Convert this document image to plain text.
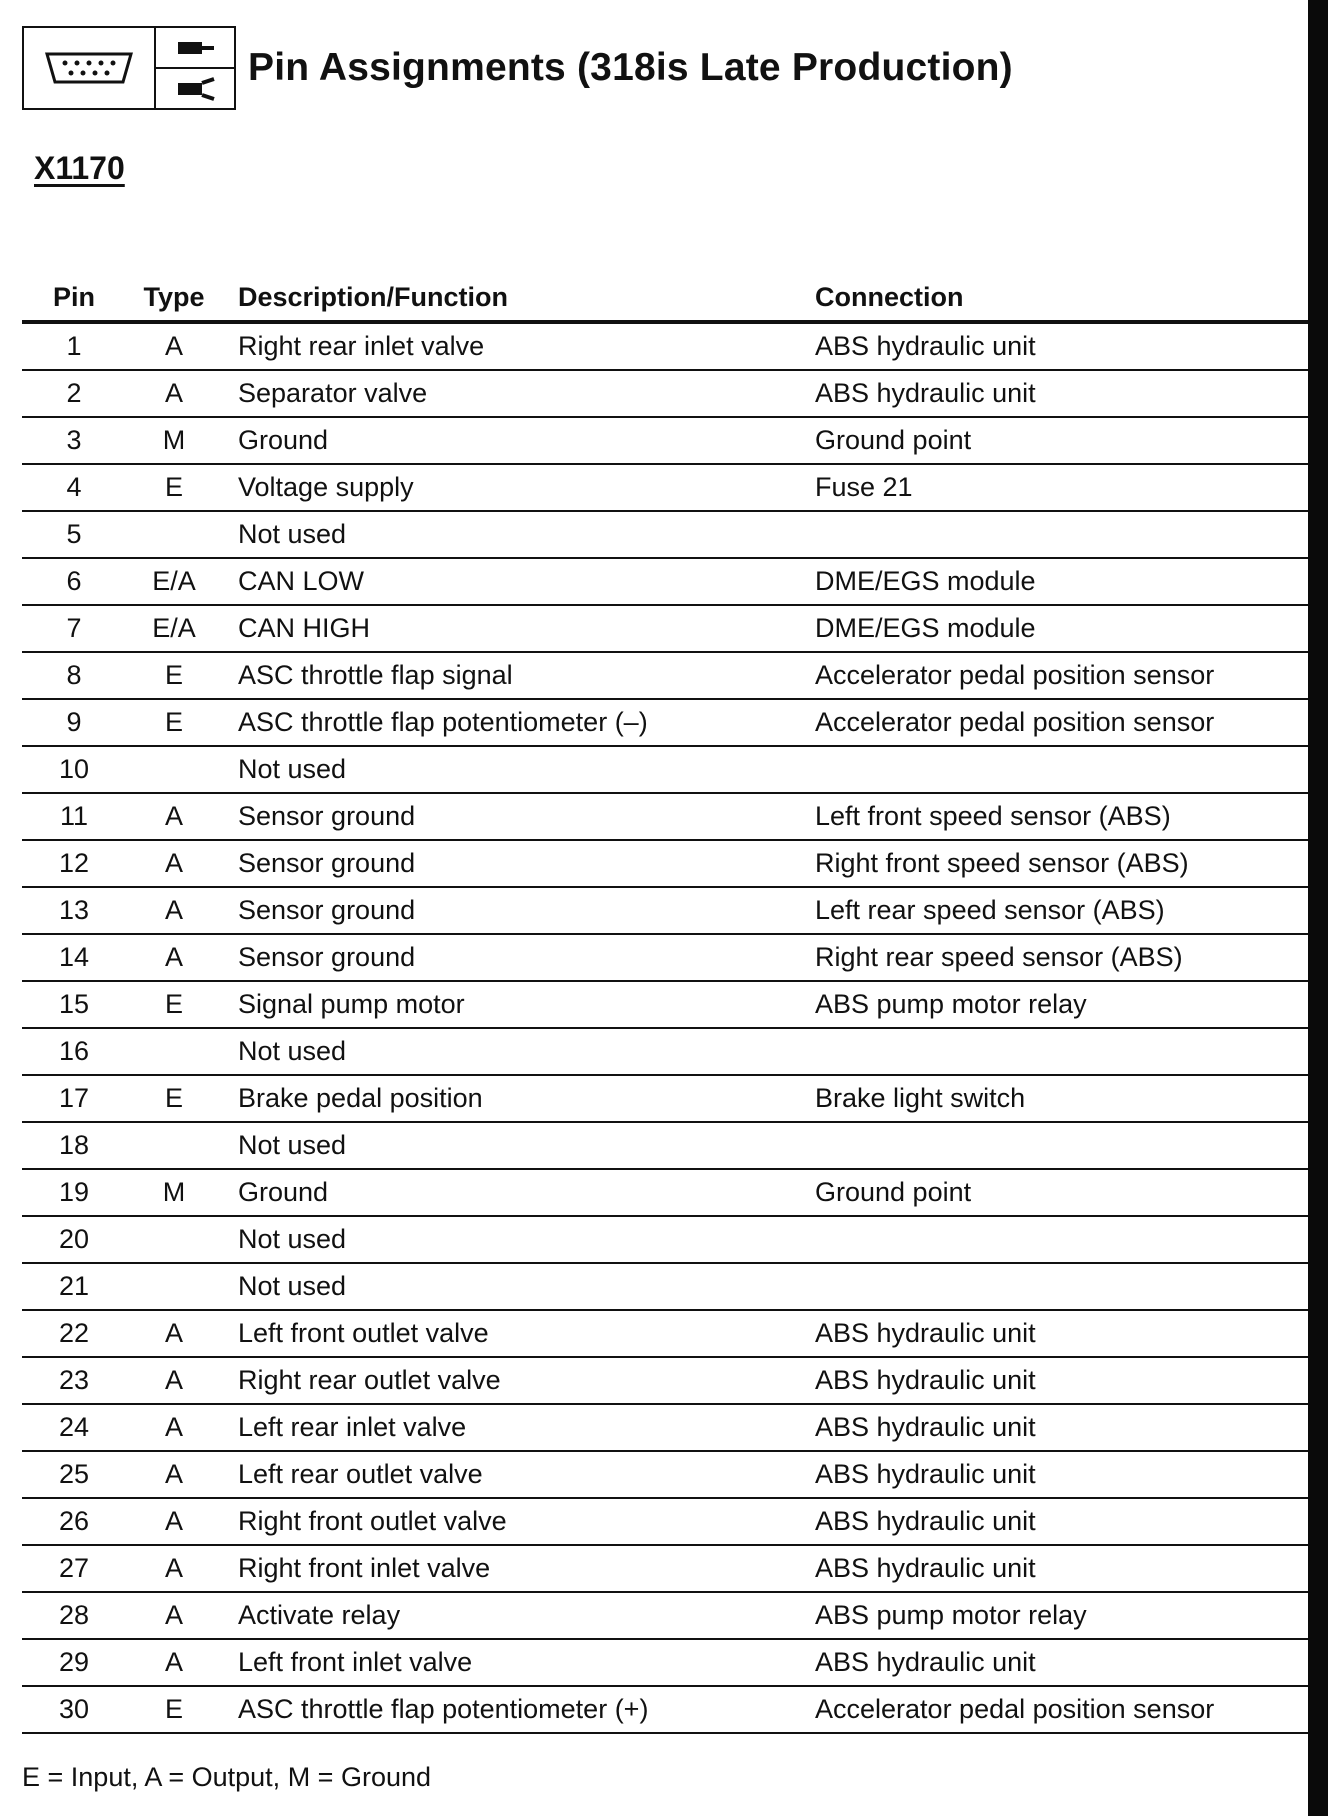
Pin Assignments (318is Late Production)
X1170
Pin	Type	Description/Function	Connection
1	A	Right rear inlet valve	ABS hydraulic unit
2	A	Separator valve	ABS hydraulic unit
3	M	Ground	Ground point
4	E	Voltage supply	Fuse 21
5		Not used	
6	E/A	CAN LOW	DME/EGS module
7	E/A	CAN HIGH	DME/EGS module
8	E	ASC throttle flap signal	Accelerator pedal position sensor
9	E	ASC throttle flap potentiometer (–)	Accelerator pedal position sensor
10		Not used	
11	A	Sensor ground	Left front speed sensor (ABS)
12	A	Sensor ground	Right front speed sensor (ABS)
13	A	Sensor ground	Left rear speed sensor (ABS)
14	A	Sensor ground	Right rear speed sensor (ABS)
15	E	Signal pump motor	ABS pump motor relay
16		Not used	
17	E	Brake pedal position	Brake light switch
18		Not used	
19	M	Ground	Ground point
20		Not used	
21		Not used	
22	A	Left front outlet valve	ABS hydraulic unit
23	A	Right rear outlet valve	ABS hydraulic unit
24	A	Left rear inlet valve	ABS hydraulic unit
25	A	Left rear outlet valve	ABS hydraulic unit
26	A	Right front outlet valve	ABS hydraulic unit
27	A	Right front inlet valve	ABS hydraulic unit
28	A	Activate relay	ABS pump motor relay
29	A	Left front inlet valve	ABS hydraulic unit
30	E	ASC throttle flap potentiometer (+)	Accelerator pedal position sensor
E = Input, A = Output, M = Ground
